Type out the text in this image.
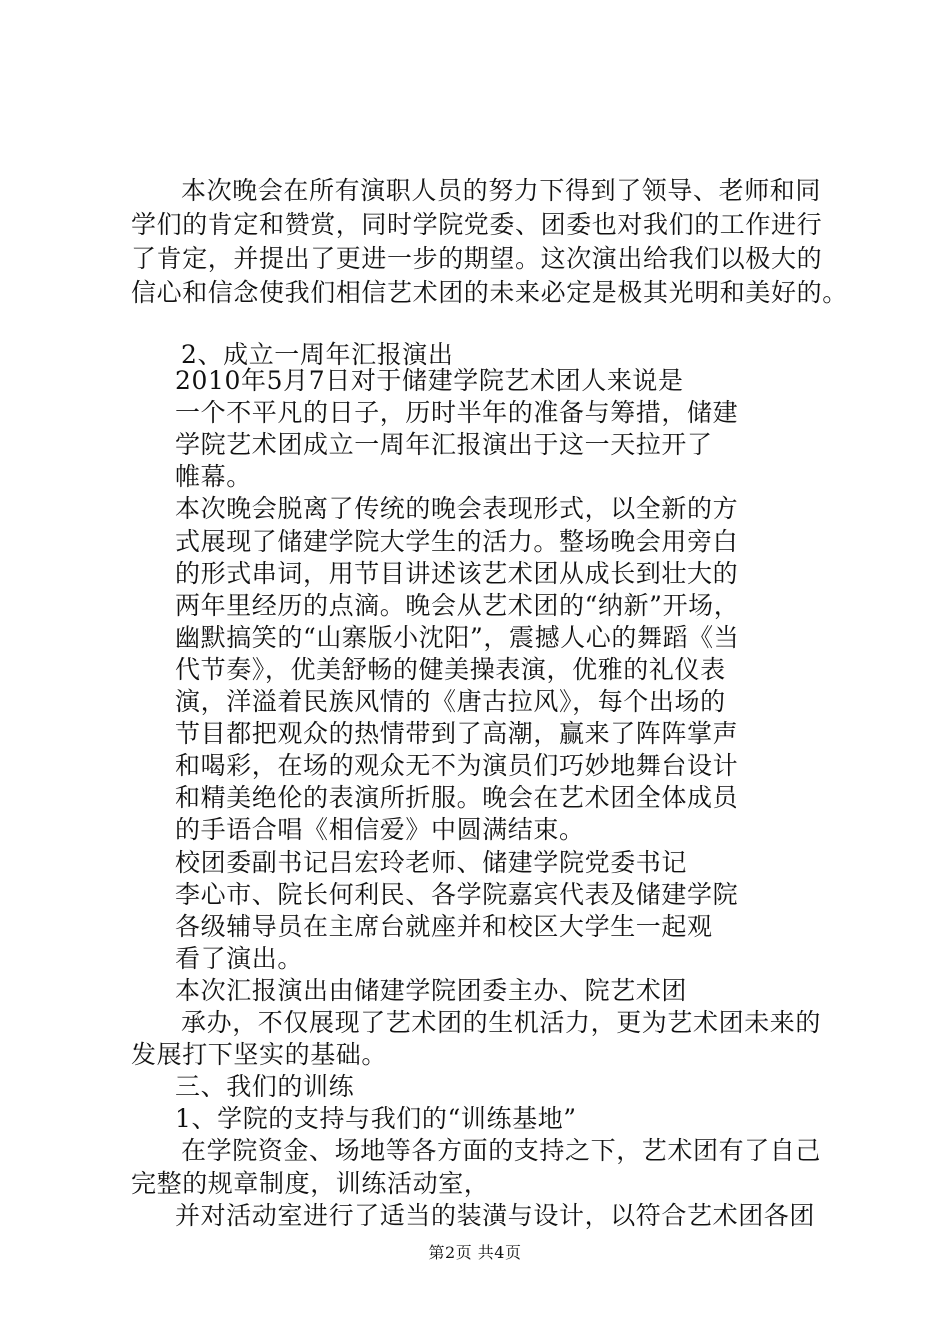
本次晚会在所有演职人员的努力下得到了领导、老师和同
学们的肯定和赞赏，同时学院党委、团委也对我们的工作进行
了肯定，并提出了更进一步的期望。这次演出给我们以极大的
信心和信念使我们相信艺术团的未来必定是极其光明和美好的。
2、成立一周年汇报演出
2010年5月7日对于储建学院艺术团人来说是
一个不平凡的日子，历时半年的准备与筹措，储建
学院艺术团成立一周年汇报演出于这一天拉开了
帷幕。
本次晚会脱离了传统的晚会表现形式，以全新的方
式展现了储建学院大学生的活力。整场晚会用旁白
的形式串词，用节目讲述该艺术团从成长到壮大的
两年里经历的点滴。晚会从艺术团的“纳新”开场，
幽默搞笑的“山寨版小沈阳”，震撼人心的舞蹈《当
代节奏》，优美舒畅的健美操表演，优雅的礼仪表
演，洋溢着民族风情的《唐古拉风》，每个出场的
节目都把观众的热情带到了高潮，赢来了阵阵掌声
和喝彩，在场的观众无不为演员们巧妙地舞台设计
和精美绝伦的表演所折服。晚会在艺术团全体成员
的手语合唱《相信爱》中圆满结束。
校团委副书记吕宏玲老师、储建学院党委书记
李心市、院长何利民、各学院嘉宾代表及储建学院
各级辅导员在主席台就座并和校区大学生一起观
看了演出。
本次汇报演出由储建学院团委主办、院艺术团
承办，不仅展现了艺术团的生机活力，更为艺术团未来的
发展打下坚实的基础。
三、我们的训练
1、学院的支持与我们的“训练基地”
在学院资金、场地等各方面的支持之下，艺术团有了自己
完整的规章制度，训练活动室，
并对活动室进行了适当的装潢与设计，以符合艺术团各团
第2页 共4页
